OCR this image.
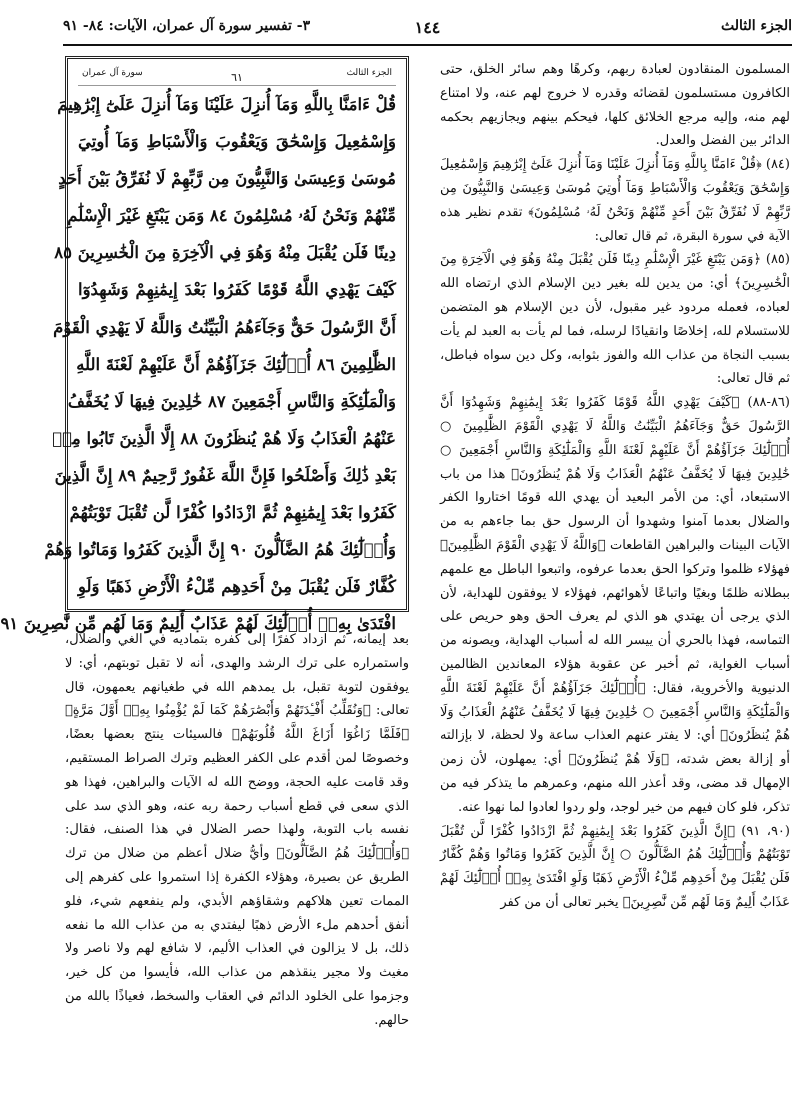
الجزء الثالث
١٤٤
٣- تفسير سورة آل عمران، الآيات: ٨٤- ٩١

المسلمون المنقادون لعبادة ربهم، وكرهًا وهم سائر الخلق، حتى الكافرون مستسلمون لقضائه وقدره لا خروج لهم عنه، ولا امتناع لهم منه، وإليه مرجع الخلائق كلها، فيحكم بينهم ويجازيهم بحكمه الدائر بين الفضل والعدل.

(٨٤) ﴿قُلْ ءَامَنَّا بِاللَّهِ وَمَآ أُنزِلَ عَلَيْنَا وَمَآ أُنزِلَ عَلَىٰٓ إِبْرَٰهِيمَ وَإِسْمَٰعِيلَ وَإِسْحَٰقَ وَيَعْقُوبَ وَالْأَسْبَاطِ وَمَآ أُوتِيَ مُوسَىٰ وَعِيسَىٰ وَالنَّبِيُّونَ مِن رَّبِّهِمْ لَا نُفَرِّقُ بَيْنَ أَحَدٍ مِّنْهُمْ وَنَحْنُ لَهُۥ مُسْلِمُونَ﴾ تقدم نظير هذه الآية في سورة البقرة، ثم قال تعالى:

(٨٥) ﴿وَمَن يَبْتَغِ غَيْرَ الْإِسْلَٰمِ دِينًا فَلَن يُقْبَلَ مِنْهُ وَهُوَ فِي الْآخِرَةِ مِنَ الْخَٰسِرِينَ﴾ أي: من يدين لله بغير دين الإسلام الذي ارتضاه الله لعباده، فعمله مردود غير مقبول، لأن دين الإسلام هو المتضمن للاستسلام لله، إخلاصًا وانقيادًا لرسله، فما لم يأت به العبد لم يأت بسبب النجاة من عذاب الله والفوز بثوابه، وكل دين سواه فباطل، ثم قال تعالى:

(٨٦-٨٨) ﴿كَيْفَ يَهْدِي اللَّهُ قَوْمًا كَفَرُوا بَعْدَ إِيمَٰنِهِمْ وَشَهِدُوٓا أَنَّ الرَّسُولَ حَقٌّ وَجَآءَهُمُ الْبَيِّنَٰتُ وَاللَّهُ لَا يَهْدِي الْقَوْمَ الظَّٰلِمِينَ ○ أُو۟لَٰٓئِكَ جَزَآؤُهُمْ أَنَّ عَلَيْهِمْ لَعْنَةَ اللَّهِ وَالْمَلَٰٓئِكَةِ وَالنَّاسِ أَجْمَعِينَ ○ خَٰلِدِينَ فِيهَا لَا يُخَفَّفُ عَنْهُمُ الْعَذَابُ وَلَا هُمْ يُنظَرُونَ﴾ هذا من باب الاستبعاد، أي: من الأمر البعيد أن يهدي الله قومًا اختاروا الكفر والضلال بعدما آمنوا وشهدوا أن الرسول حق بما جاءهم به من الآيات البينات والبراهين القاطعات ﴿وَاللَّهُ لَا يَهْدِي الْقَوْمَ الظَّٰلِمِينَ﴾ فهؤلاء ظلموا وتركوا الحق بعدما عرفوه، واتبعوا الباطل مع علمهم ببطلانه ظلمًا وبغيًا واتباعًا لأهوائهم، فهؤلاء لا يوفقون للهداية، لأن الذي يرجى أن يهتدي هو الذي لم يعرف الحق وهو حريص على التماسه، فهذا بالحري أن ييسر الله له أسباب الهداية، ويصونه من أسباب الغواية، ثم أخبر عن عقوبة هؤلاء المعاندين الظالمين الدنيوية والأخروية، فقال: ﴿أُو۟لَٰٓئِكَ جَزَآؤُهُمْ أَنَّ عَلَيْهِمْ لَعْنَةَ اللَّهِ وَالْمَلَٰٓئِكَةِ وَالنَّاسِ أَجْمَعِينَ ○ خَٰلِدِينَ فِيهَا لَا يُخَفَّفُ عَنْهُمُ الْعَذَابُ وَلَا هُمْ يُنظَرُونَ﴾ أي: لا يفتر عنهم العذاب ساعة ولا لحظة، لا بإزالته أو إزالة بعض شدته، ﴿وَلَا هُمْ يُنظَرُونَ﴾ أي: يمهلون، لأن زمن الإمهال قد مضى، وقد أعذر الله منهم، وعمرهم ما يتذكر فيه من تذكر، فلو كان فيهم من خير لوجد، ولو ردوا لعادوا لما نهوا عنه.

(٩٠، ٩١) ﴿إِنَّ الَّذِينَ كَفَرُوا بَعْدَ إِيمَٰنِهِمْ ثُمَّ ازْدَادُوا كُفْرًا لَّن تُقْبَلَ تَوْبَتُهُمْ وَأُو۟لَٰٓئِكَ هُمُ الضَّآلُّونَ ○ إِنَّ الَّذِينَ كَفَرُوا وَمَاتُوا وَهُمْ كُفَّارٌ فَلَن يُقْبَلَ مِنْ أَحَدِهِم مِّلْءُ الْأَرْضِ ذَهَبًا وَلَوِ افْتَدَىٰ بِهِۦٓ أُو۟لَٰٓئِكَ لَهُمْ عَذَابٌ أَلِيمٌ وَمَا لَهُم مِّن نَّٰصِرِينَ﴾ يخبر تعالى أن من كفر

الجزء الثالث
٦١
سورة آل عمران
قُلْ ءَامَنَّا بِاللَّهِ وَمَآ أُنزِلَ عَلَيْنَا وَمَآ أُنزِلَ عَلَىٰٓ إِبْرَٰهِيمَ
وَإِسْمَٰعِيلَ وَإِسْحَٰقَ وَيَعْقُوبَ وَالْأَسْبَاطِ وَمَآ أُوتِيَ
مُوسَىٰ وَعِيسَىٰ وَالنَّبِيُّونَ مِن رَّبِّهِمْ لَا نُفَرِّقُ بَيْنَ أَحَدٍ
مِّنْهُمْ وَنَحْنُ لَهُۥ مُسْلِمُونَ ٨٤ وَمَن يَبْتَغِ غَيْرَ الْإِسْلَٰمِ
دِينًا فَلَن يُقْبَلَ مِنْهُ وَهُوَ فِي الْآخِرَةِ مِنَ الْخَٰسِرِينَ ٨٥
كَيْفَ يَهْدِي اللَّهُ قَوْمًا كَفَرُوا بَعْدَ إِيمَٰنِهِمْ وَشَهِدُوٓا
أَنَّ الرَّسُولَ حَقٌّ وَجَآءَهُمُ الْبَيِّنَٰتُ وَاللَّهُ لَا يَهْدِي الْقَوْمَ
الظَّٰلِمِينَ ٨٦ أُو۟لَٰٓئِكَ جَزَآؤُهُمْ أَنَّ عَلَيْهِمْ لَعْنَةَ اللَّهِ
وَالْمَلَٰٓئِكَةِ وَالنَّاسِ أَجْمَعِينَ ٨٧ خَٰلِدِينَ فِيهَا لَا يُخَفَّفُ
عَنْهُمُ الْعَذَابُ وَلَا هُمْ يُنظَرُونَ ٨٨ إِلَّا الَّذِينَ تَابُوا مِنۢ
بَعْدِ ذَٰلِكَ وَأَصْلَحُوا فَإِنَّ اللَّهَ غَفُورٌ رَّحِيمٌ ٨٩ إِنَّ الَّذِينَ
كَفَرُوا بَعْدَ إِيمَٰنِهِمْ ثُمَّ ازْدَادُوا كُفْرًا لَّن تُقْبَلَ تَوْبَتُهُمْ
وَأُو۟لَٰٓئِكَ هُمُ الضَّآلُّونَ ٩٠ إِنَّ الَّذِينَ كَفَرُوا وَمَاتُوا وَهُمْ
كُفَّارٌ فَلَن يُقْبَلَ مِنْ أَحَدِهِم مِّلْءُ الْأَرْضِ ذَهَبًا وَلَوِ
افْتَدَىٰ بِهِۦٓ أُو۟لَٰٓئِكَ لَهُمْ عَذَابٌ أَلِيمٌ وَمَا لَهُم مِّن نَّٰصِرِينَ ٩١

بعد إيمانه، ثم ازداد كفرًا إلى كفره بتماديه في الغي والضلال، واستمراره على ترك الرشد والهدى، أنه لا تقبل توبتهم، أي: لا يوفقون لتوبة تقبل، بل يمدهم الله في طغيانهم يعمهون، قال تعالى: ﴿وَنُقَلِّبُ أَفْـِٔدَتَهُمْ وَأَبْصَٰرَهُمْ كَمَا لَمْ يُؤْمِنُوا بِهِۦٓ أَوَّلَ مَرَّةٍ﴾ ﴿فَلَمَّا زَاغُوٓا أَزَاغَ اللَّهُ قُلُوبَهُمْ﴾ فالسيئات ينتج بعضها بعضًا، وخصوصًا لمن أقدم على الكفر العظيم وترك الصراط المستقيم، وقد قامت عليه الحجة، ووضح الله له الآيات والبراهين، فهذا هو الذي سعى في قطع أسباب رحمة ربه عنه، وهو الذي سد على نفسه باب التوبة، ولهذا حصر الضلال في هذا الصنف، فقال: ﴿وَأُو۟لَٰٓئِكَ هُمُ الضَّآلُّونَ﴾ وأيُّ ضلال أعظم من ضلال من ترك الطريق عن بصيرة، وهؤلاء الكفرة إذا استمروا على كفرهم إلى الممات تعين هلاكهم وشقاؤهم الأبدي، ولم ينفعهم شيء، فلو أنفق أحدهم ملء الأرض ذهبًا ليفتدي به من عذاب الله ما نفعه ذلك، بل لا يزالون في العذاب الأليم، لا شافع لهم ولا ناصر ولا مغيث ولا مجير ينقذهم من عذاب الله، فأيسوا من كل خير، وجزموا على الخلود الدائم في العقاب والسخط، فعياذًا بالله من حالهم.
